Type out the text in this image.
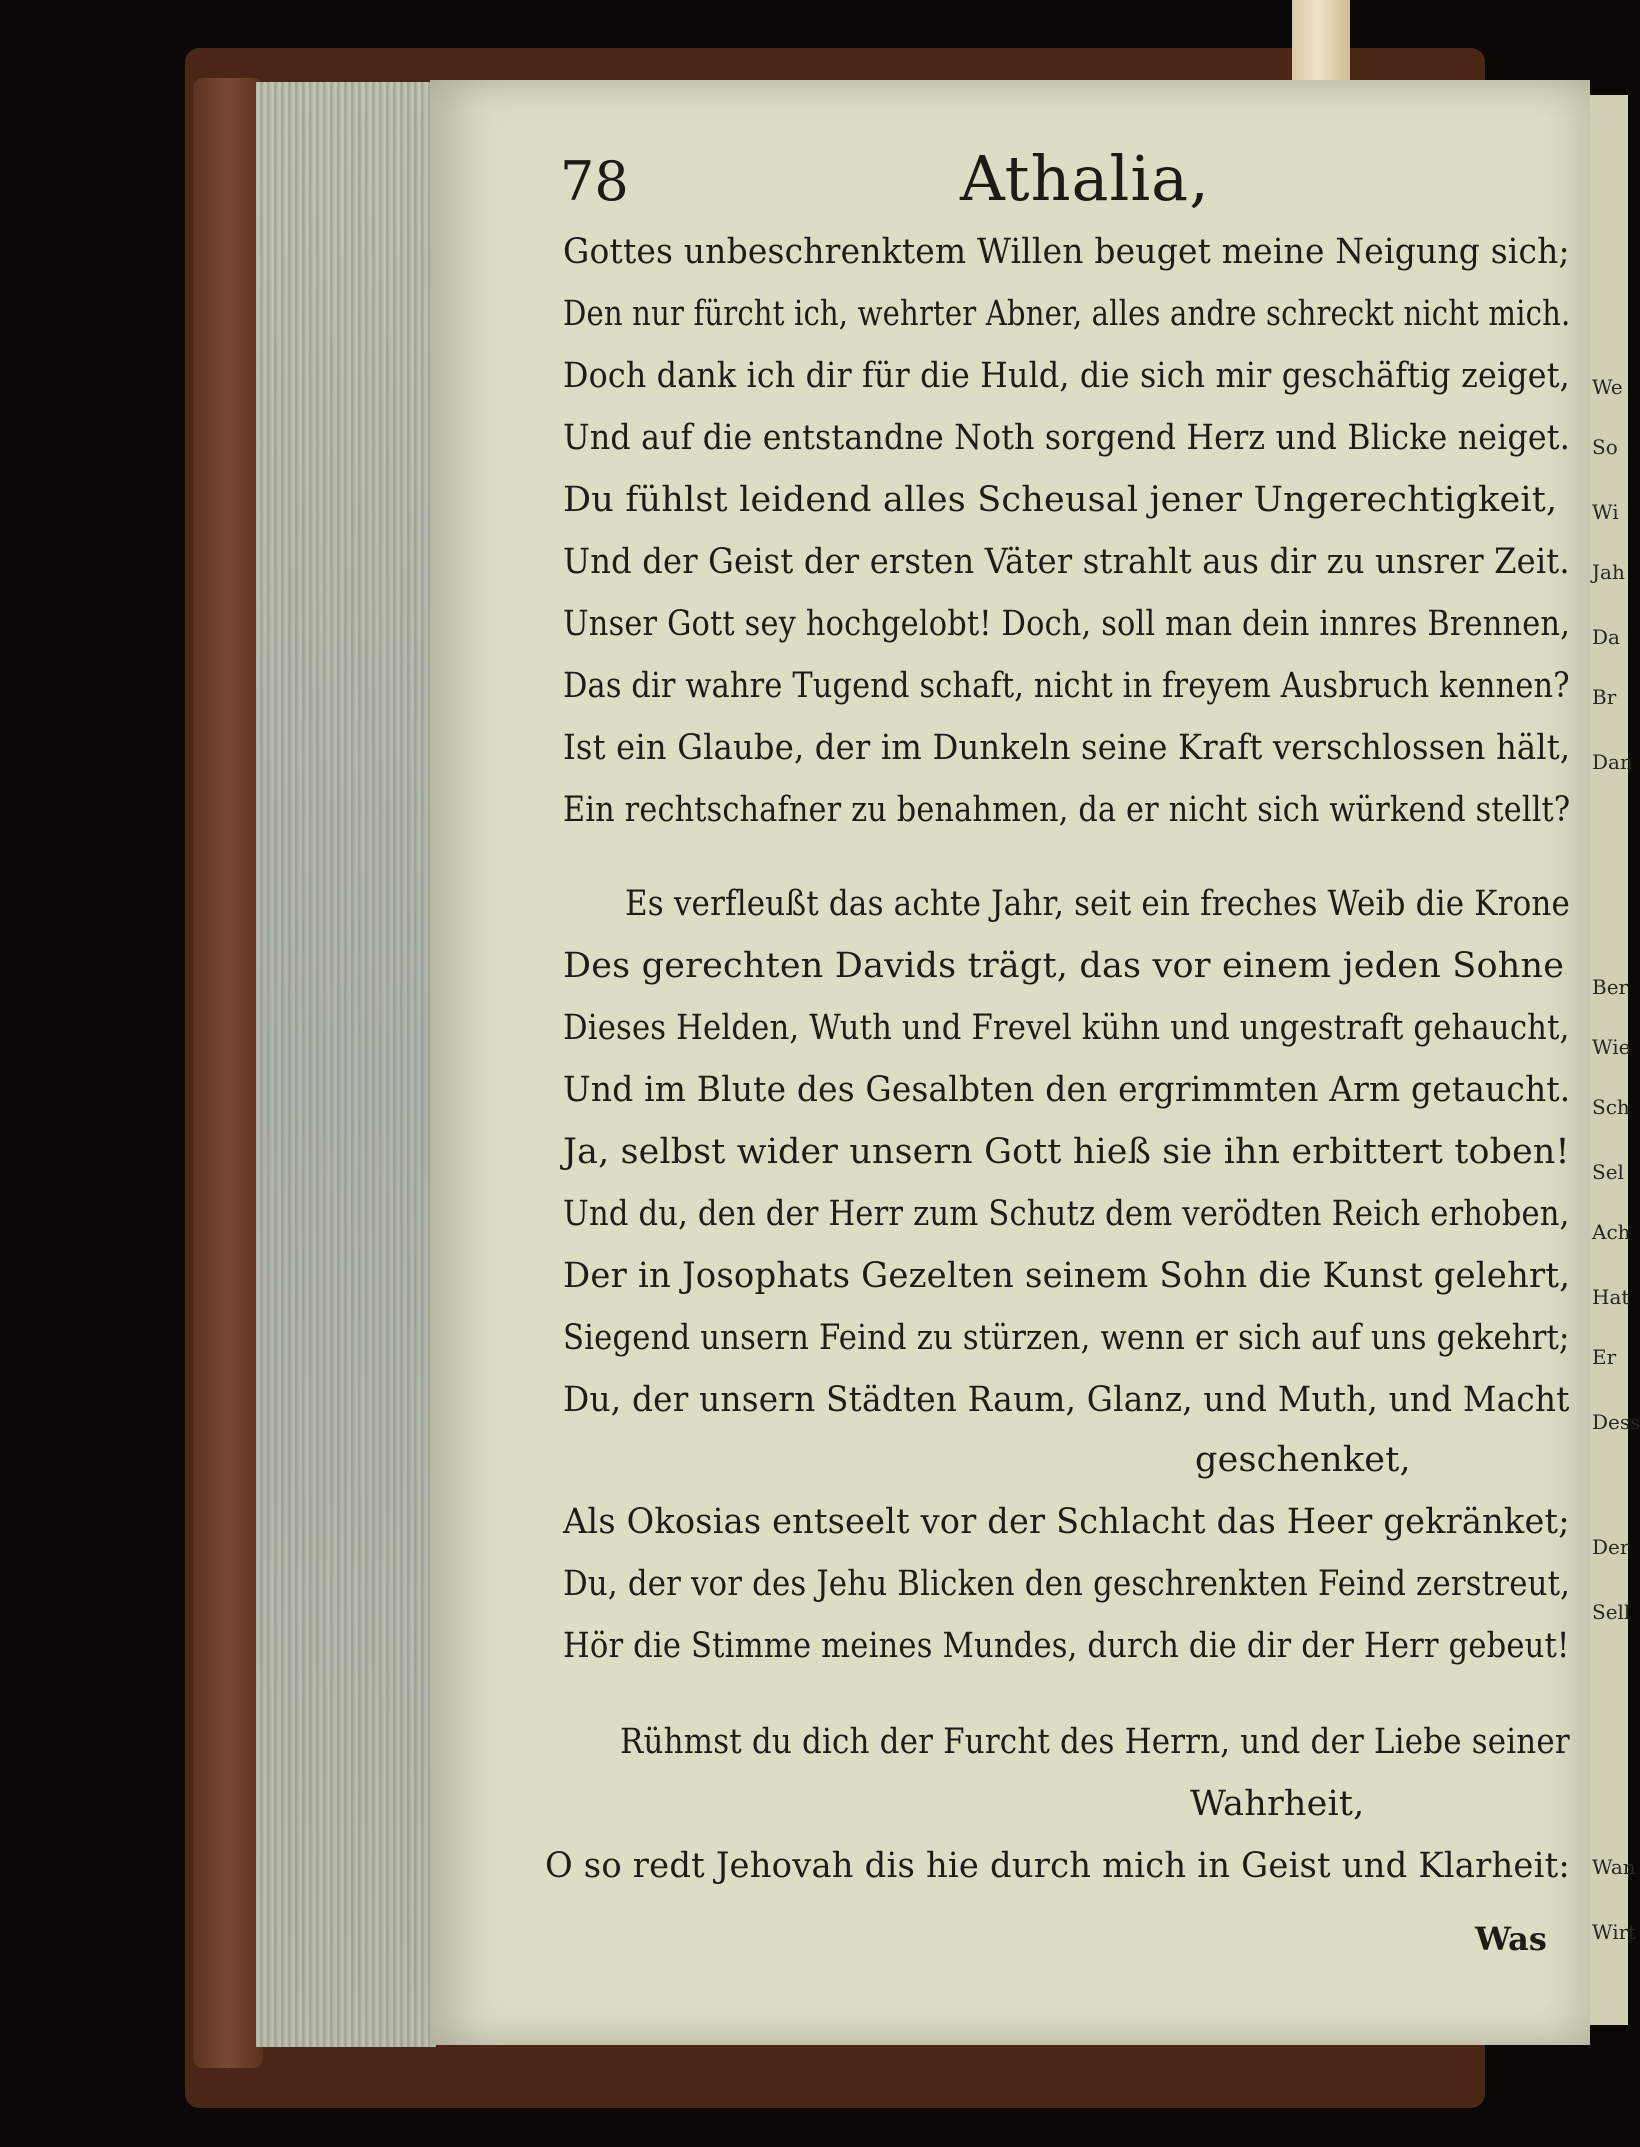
We
So
Wi
Jah
Da
Br
Dan
Ber
Wie
Sch
Sel
Ach
Hat
Er
Dess
Der
Sell
Wan
Wirt
78	Athalia,
Gottes unbeschrenktem Willen beuget meine Neigung sich;
Den nur fürcht ich, wehrter Abner, alles andre schreckt nicht mich.
Doch dank ich dir für die Huld, die sich mir geschäftig zeiget,
Und auf die entstandne Noth sorgend Herz und Blicke neiget.
Du fühlst leidend alles Scheusal jener Ungerechtigkeit,
Und der Geist der ersten Väter strahlt aus dir zu unsrer Zeit.
Unser Gott sey hochgelobt! Doch, soll man dein innres Brennen,
Das dir wahre Tugend schaft, nicht in freyem Ausbruch kennen?
Ist ein Glaube, der im Dunkeln seine Kraft verschlossen hält,
Ein rechtschafner zu benahmen, da er nicht sich würkend stellt?
Es verfleußt das achte Jahr, seit ein freches Weib die Krone
Des gerechten Davids trägt, das vor einem jeden Sohne
Dieses Helden, Wuth und Frevel kühn und ungestraft gehaucht,
Und im Blute des Gesalbten den ergrimmten Arm getaucht.
Ja, selbst wider unsern Gott hieß sie ihn erbittert toben!
Und du, den der Herr zum Schutz dem verödten Reich erhoben,
Der in Josophats Gezelten seinem Sohn die Kunst gelehrt,
Siegend unsern Feind zu stürzen, wenn er sich auf uns gekehrt;
Du, der unsern Städten Raum, Glanz, und Muth, und Macht
geschenket,
Als Okosias entseelt vor der Schlacht das Heer gekränket;
Du, der vor des Jehu Blicken den geschrenkten Feind zerstreut,
Hör die Stimme meines Mundes, durch die dir der Herr gebeut!
Rühmst du dich der Furcht des Herrn, und der Liebe seiner
Wahrheit,
O so redt Jehovah dis hie durch mich in Geist und Klarheit:
Was
